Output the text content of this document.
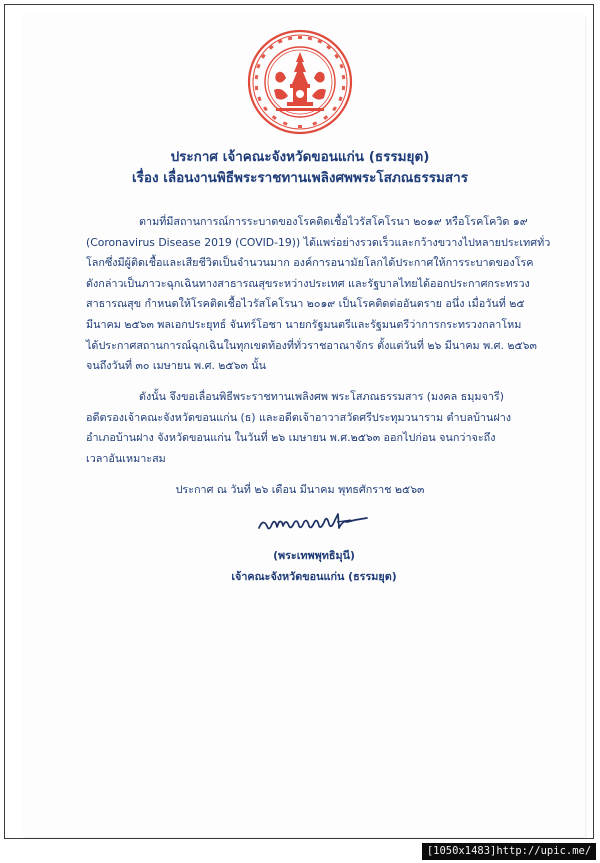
ประกาศ เจ้าคณะจังหวัดขอนแก่น (ธรรมยุต)
เรื่อง เลื่อนงานพิธีพระราชทานเพลิงศพพระโสภณธรรมสาร
ตามที่มีสถานการณ์การระบาดของโรคติดเชื้อไวรัสโคโรนา ๒๐๑๙ หรือโรคโควิด ๑๙
(Coronavirus Disease 2019 (COVID-19)) ได้แพร่อย่างรวดเร็วและกว้างขวางไปหลายประเทศทั่ว
โลกซึ่งมีผู้ติดเชื้อและเสียชีวิตเป็นจำนวนมาก องค์การอนามัยโลกได้ประกาศให้การระบาดของโรค
ดังกล่าวเป็นภาวะฉุกเฉินทางสาธารณสุขระหว่างประเทศ และรัฐบาลไทยได้ออกประกาศกระทรวง
สาธารณสุข กำหนดให้โรคติดเชื้อไวรัสโคโรนา ๒๐๑๙ เป็นโรคติดต่ออันตราย อนึ่ง เมื่อวันที่ ๒๕
มีนาคม ๒๕๖๓ พลเอกประยุทธ์ จันทร์โอชา นายกรัฐมนตรีและรัฐมนตรีว่าการกระทรวงกลาโหม
ได้ประกาศสถานการณ์ฉุกเฉินในทุกเขตท้องที่ทั่วราชอาณาจักร ตั้งแต่วันที่ ๒๖ มีนาคม พ.ศ. ๒๕๖๓
จนถึงวันที่ ๓๐ เมษายน พ.ศ. ๒๕๖๓ นั้น
ดังนั้น จึงขอเลื่อนพิธีพระราชทานเพลิงศพ พระโสภณธรรมสาร (มงคล ธมฺมจารี)
อดีตรองเจ้าคณะจังหวัดขอนแก่น (ธ) และอดีตเจ้าอาวาสวัดศรีประทุมวนาราม ตำบลบ้านฝาง
อำเภอบ้านฝาง จังหวัดขอนแก่น ในวันที่ ๒๖ เมษายน พ.ศ.๒๕๖๓ ออกไปก่อน จนกว่าจะถึง
เวลาอันเหมาะสม
ประกาศ ณ วันที่ ๒๖ เดือน มีนาคม พุทธศักราช ๒๕๖๓
(พระเทพพุทธิมุนี)
เจ้าคณะจังหวัดขอนแก่น (ธรรมยุต)
[1050x1483]http://upic.me/
